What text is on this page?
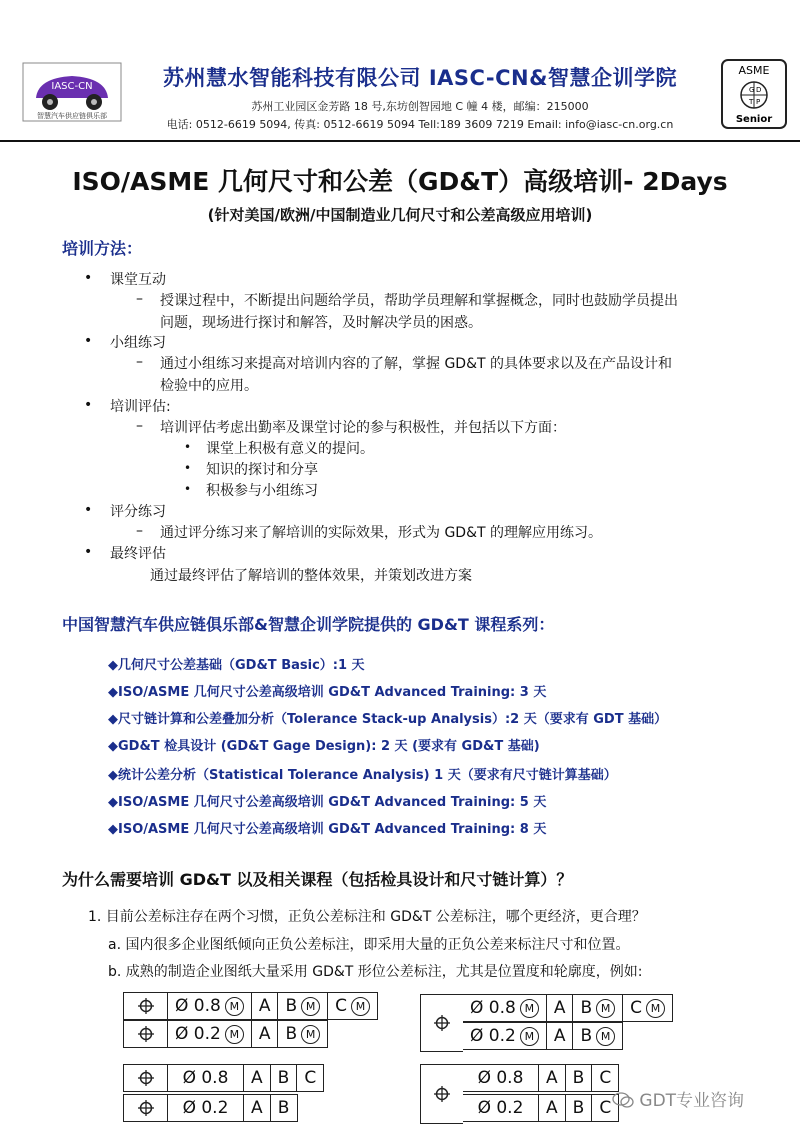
IASC-CN
智慧汽车供应链俱乐部
苏州慧水智能科技有限公司 IASC-CN&智慧企训学院
苏州工业园区金芳路 18 号,东坊创智园地 C 幢 4 楼，邮编：215000
电话: 0512-6619 5094, 传真: 0512-6619 5094 Tell:189 3609 7219 Email: info@iasc-cn.org.cn
ASME
G D
T P
Senior
ISO/ASME 几何尺寸和公差（GD&T）高级培训- 2Days
(针对美国/欧洲/中国制造业几何尺寸和公差高级应用培训)
培训方法：
• 课堂互动
– 授课过程中，不断提出问题给学员，帮助学员理解和掌握概念，同时也鼓励学员提出
问题，现场进行探讨和解答，及时解决学员的困惑。
• 小组练习
– 通过小组练习来提高对培训内容的了解，掌握 GD&T 的具体要求以及在产品设计和
检验中的应用。
• 培训评估:
– 培训评估考虑出勤率及课堂讨论的参与积极性，并包括以下方面：
• 课堂上积极有意义的提问。
• 知识的探讨和分享
• 积极参与小组练习
• 评分练习
– 通过评分练习来了解培训的实际效果，形式为 GD&T 的理解应用练习。
• 最终评估
通过最终评估了解培训的整体效果，并策划改进方案
中国智慧汽车供应链俱乐部&智慧企训学院提供的 GD&T 课程系列：
◆几何尺寸公差基础（GD&T Basic）:1 天
◆ISO/ASME 几何尺寸公差高级培训 GD&T Advanced Training: 3 天
◆尺寸链计算和公差叠加分析（Tolerance Stack-up Analysis）:2 天（要求有 GDT 基础）
◆GD&T 检具设计 (GD&T Gage Design): 2 天 (要求有 GD&T 基础)
◆统计公差分析（Statistical Tolerance Analysis) 1 天（要求有尺寸链计算基础）
◆ISO/ASME 几何尺寸公差高级培训 GD&T Advanced Training: 5 天
◆ISO/ASME 几何尺寸公差高级培训 GD&T Advanced Training: 8 天
为什么需要培训 GD&T 以及相关课程（包括检具设计和尺寸链计算）？
1. 目前公差标注存在两个习惯，正负公差标注和 GD&T 公差标注，哪个更经济，更合理？
a. 国内很多企业图纸倾向正负公差标注，即采用大量的正负公差来标注尺寸和位置。
b. 成熟的制造企业图纸大量采用 GD&T 形位公差标注，尤其是位置度和轮廓度，例如:
Ø 0.8 M A B M C M
Ø 0.2 M A B M
Ø 0.8 M A B M C M
Ø 0.2 M A B M
Ø 0.8 A B C
Ø 0.2 A B
Ø 0.8 A B C
Ø 0.2 A B C	GDT专业咨询
